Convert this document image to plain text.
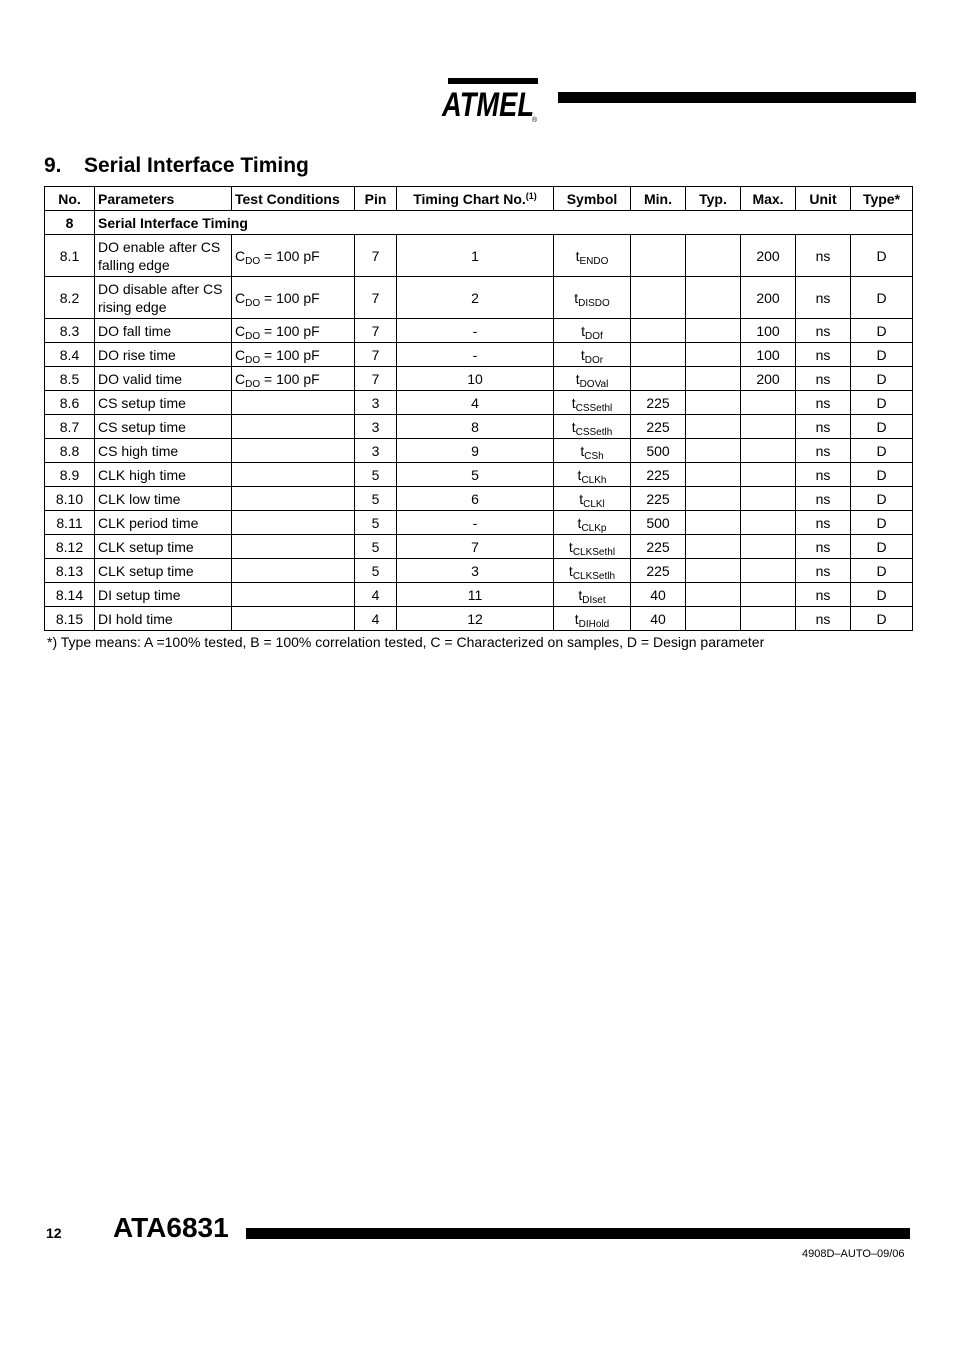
ATMEL
®
9. Serial Interface Timing
No.	Parameters	Test Conditions	Pin	Timing Chart No.$^{(1)}$	Symbol	Min.	Typ.	Max.	Unit	Type*
8	Serial Interface Timing									
8.1	DO enable after CS falling edge	$C_{DO} = 100$ pF	7	1	$t_{ENDO}$			200	ns	D
8.2	DO disable after CS rising edge	$C_{DO} = 100$ pF	7	2	$t_{DISDO}$			200	ns	D
8.3	DO fall time	$C_{DO} = 100$ pF	7	-	$t_{DOf}$			100	ns	D
8.4	DO rise time	$C_{DO} = 100$ pF	7	-	$t_{DOr}$			100	ns	D
8.5	DO valid time	$C_{DO} = 100$ pF	7	10	$t_{DOVal}$			200	ns	D
8.6	CS setup time		3	4	$t_{CSSethl}$	225			ns	D
8.7	CS setup time		3	8	$t_{CSSetlh}$	225			ns	D
8.8	CS high time		3	9	$t_{CSh}$	500			ns	D
8.9	CLK high time		5	5	$t_{CLKh}$	225			ns	D
8.10	CLK low time		5	6	$t_{CLKl}$	225			ns	D
8.11	CLK period time		5	-	$t_{CLKp}$	500			ns	D
8.12	CLK setup time		5	7	$t_{CLKSethl}$	225			ns	D
8.13	CLK setup time		5	3	$t_{CLKSetlh}$	225			ns	D
8.14	DI setup time		4	11	$t_{DIset}$	40			ns	D
8.15	DI hold time		4	12	$t_{DIHold}$	40			ns	D
*) Type means: A =100% tested, B = 100% correlation tested, C = Characterized on samples, D = Design parameter
12 ATA6831
4908D–AUTO–09/06
